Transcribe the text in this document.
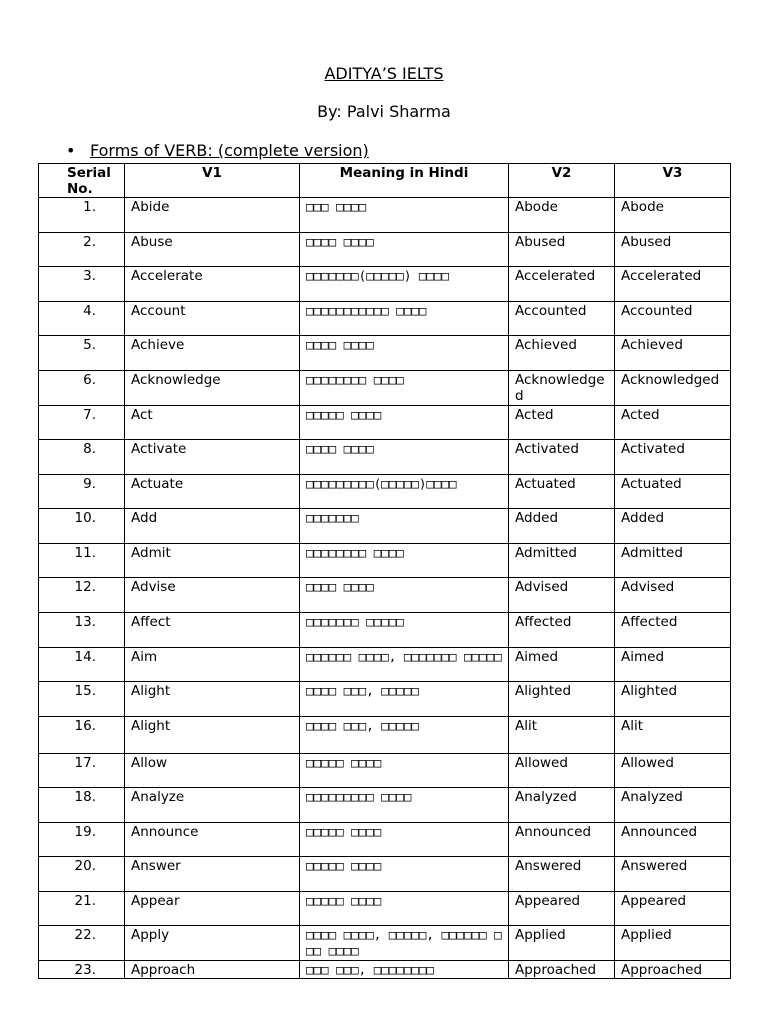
ADITYA’S IELTS
By: Palvi Sharma
• Forms of VERB: (complete version)
Serial No.	V1	Meaning in Hindi	V2	V3
1.	Abide	□□□ □□□□	Abode	Abode
2.	Abuse	□□□□ □□□□	Abused	Abused
3.	Accelerate	□□□□□□□(□□□□□) □□□□	Accelerated	Accelerated
4.	Account	□□□□□□□□□□□ □□□□	Accounted	Accounted
5.	Achieve	□□□□ □□□□	Achieved	Achieved
6.	Acknowledge	□□□□□□□□ □□□□	Acknowledged	Acknowledged
7.	Act	□□□□□ □□□□	Acted	Acted
8.	Activate	□□□□ □□□□	Activated	Activated
9.	Actuate	□□□□□□□□□(□□□□□)□□□□	Actuated	Actuated
10.	Add	□□□□□□□	Added	Added
11.	Admit	□□□□□□□□ □□□□	Admitted	Admitted
12.	Advise	□□□□ □□□□	Advised	Advised
13.	Affect	□□□□□□□ □□□□□	Affected	Affected
14.	Aim	□□□□□□ □□□□, □□□□□□□ □□□□□	Aimed	Aimed
15.	Alight	□□□□ □□□, □□□□□	Alighted	Alighted
16.	Alight	□□□□ □□□, □□□□□	Alit	Alit
17.	Allow	□□□□□ □□□□	Allowed	Allowed
18.	Analyze	□□□□□□□□□ □□□□	Analyzed	Analyzed
19.	Announce	□□□□□ □□□□	Announced	Announced
20.	Answer	□□□□□ □□□□	Answered	Answered
21.	Appear	□□□□□ □□□□	Appeared	Appeared
22.	Apply	□□□□ □□□□, □□□□□, □□□□□□ □□□ □□□□	Applied	Applied
23.	Approach	□□□ □□□, □□□□□□□□	Approached	Approached
